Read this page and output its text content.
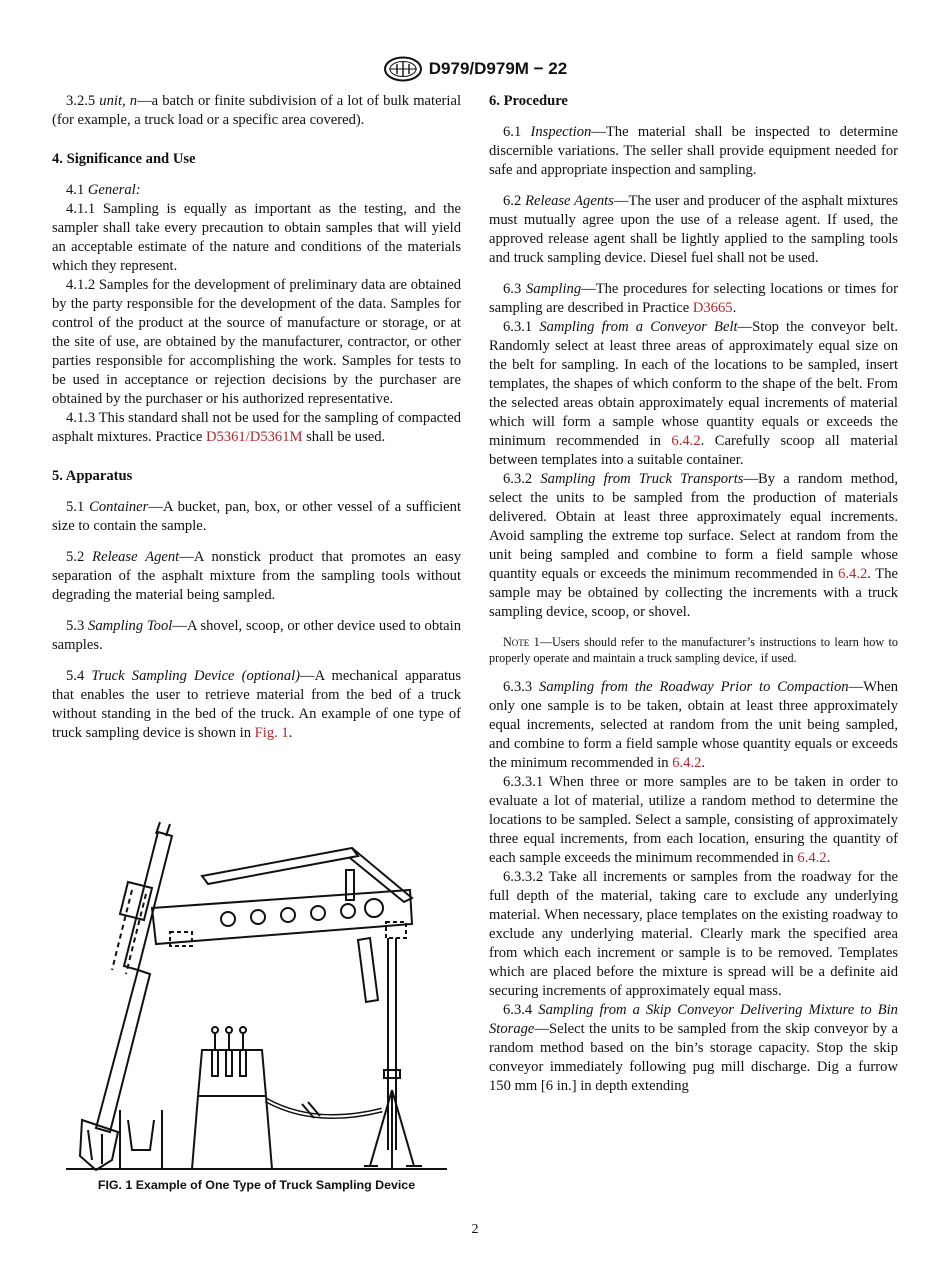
D979/D979M − 22

3.2.5 unit, n—a batch or finite subdivision of a lot of bulk material (for example, a truck load or a specific area covered).

4. Significance and Use

4.1 General:

4.1.1 Sampling is equally as important as the testing, and the sampler shall take every precaution to obtain samples that will yield an acceptable estimate of the nature and conditions of the materials which they represent.

4.1.2 Samples for the development of preliminary data are obtained by the party responsible for the development of the data. Samples for control of the product at the source of manufacture or storage, or at the site of use, are obtained by the manufacturer, contractor, or other parties responsible for accomplishing the work. Samples for tests to be used in acceptance or rejection decisions by the purchaser are obtained by the purchaser or his authorized representative.

4.1.3 This standard shall not be used for the sampling of compacted asphalt mixtures. Practice D5361/D5361M shall be used.

5. Apparatus

5.1 Container—A bucket, pan, box, or other vessel of a sufficient size to contain the sample.

5.2 Release Agent—A nonstick product that promotes an easy separation of the asphalt mixture from the sampling tools without degrading the material being sampled.

5.3 Sampling Tool—A shovel, scoop, or other device used to obtain samples.

5.4 Truck Sampling Device (optional)—A mechanical apparatus that enables the user to retrieve material from the bed of a truck without standing in the bed of the truck. An example of one type of truck sampling device is shown in Fig. 1.

FIG. 1 Example of One Type of Truck Sampling Device
6. Procedure

6.1 Inspection—The material shall be inspected to determine discernible variations. The seller shall provide equipment needed for safe and appropriate inspection and sampling.

6.2 Release Agents—The user and producer of the asphalt mixtures must mutually agree upon the use of a release agent. If used, the approved release agent shall be lightly applied to the sampling tools and truck sampling device. Diesel fuel shall not be used.

6.3 Sampling—The procedures for selecting locations or times for sampling are described in Practice D3665.

6.3.1 Sampling from a Conveyor Belt—Stop the conveyor belt. Randomly select at least three areas of approximately equal size on the belt for sampling. In each of the locations to be sampled, insert templates, the shapes of which conform to the shape of the belt. From the selected areas obtain approximately equal increments of material which will form a sample whose quantity equals or exceeds the minimum recommended in 6.4.2. Carefully scoop all material between templates into a suitable container.

6.3.2 Sampling from Truck Transports—By a random method, select the units to be sampled from the production of materials delivered. Obtain at least three approximately equal increments. Avoid sampling the extreme top surface. Select at random from the unit being sampled and combine to form a field sample whose quantity equals or exceeds the minimum recommended in 6.4.2. The sample may be obtained by collecting the increments with a truck sampling device, scoop, or shovel.

Note 1—Users should refer to the manufacturer’s instructions to learn how to properly operate and maintain a truck sampling device, if used.

6.3.3 Sampling from the Roadway Prior to Compaction—When only one sample is to be taken, obtain at least three approximately equal increments, selected at random from the unit being sampled, and combine to form a field sample whose quantity equals or exceeds the minimum recommended in 6.4.2.

6.3.3.1 When three or more samples are to be taken in order to evaluate a lot of material, utilize a random method to determine the locations to be sampled. Select a sample, consisting of approximately three equal increments, from each location, ensuring the quantity of each sample exceeds the minimum recommended in 6.4.2.

6.3.3.2 Take all increments or samples from the roadway for the full depth of the material, taking care to exclude any underlying material. When necessary, place templates on the existing roadway to exclude any underlying material. Clearly mark the specified area from which each increment or sample is to be removed. Templates which are placed before the mixture is spread will be a definite aid securing increments of approximately equal mass.

6.3.4 Sampling from a Skip Conveyor Delivering Mixture to Bin Storage—Select the units to be sampled from the skip conveyor by a random method based on the bin’s storage capacity. Stop the skip conveyor immediately following pug mill discharge. Dig a furrow 150 mm [6 in.] in depth extending

2
